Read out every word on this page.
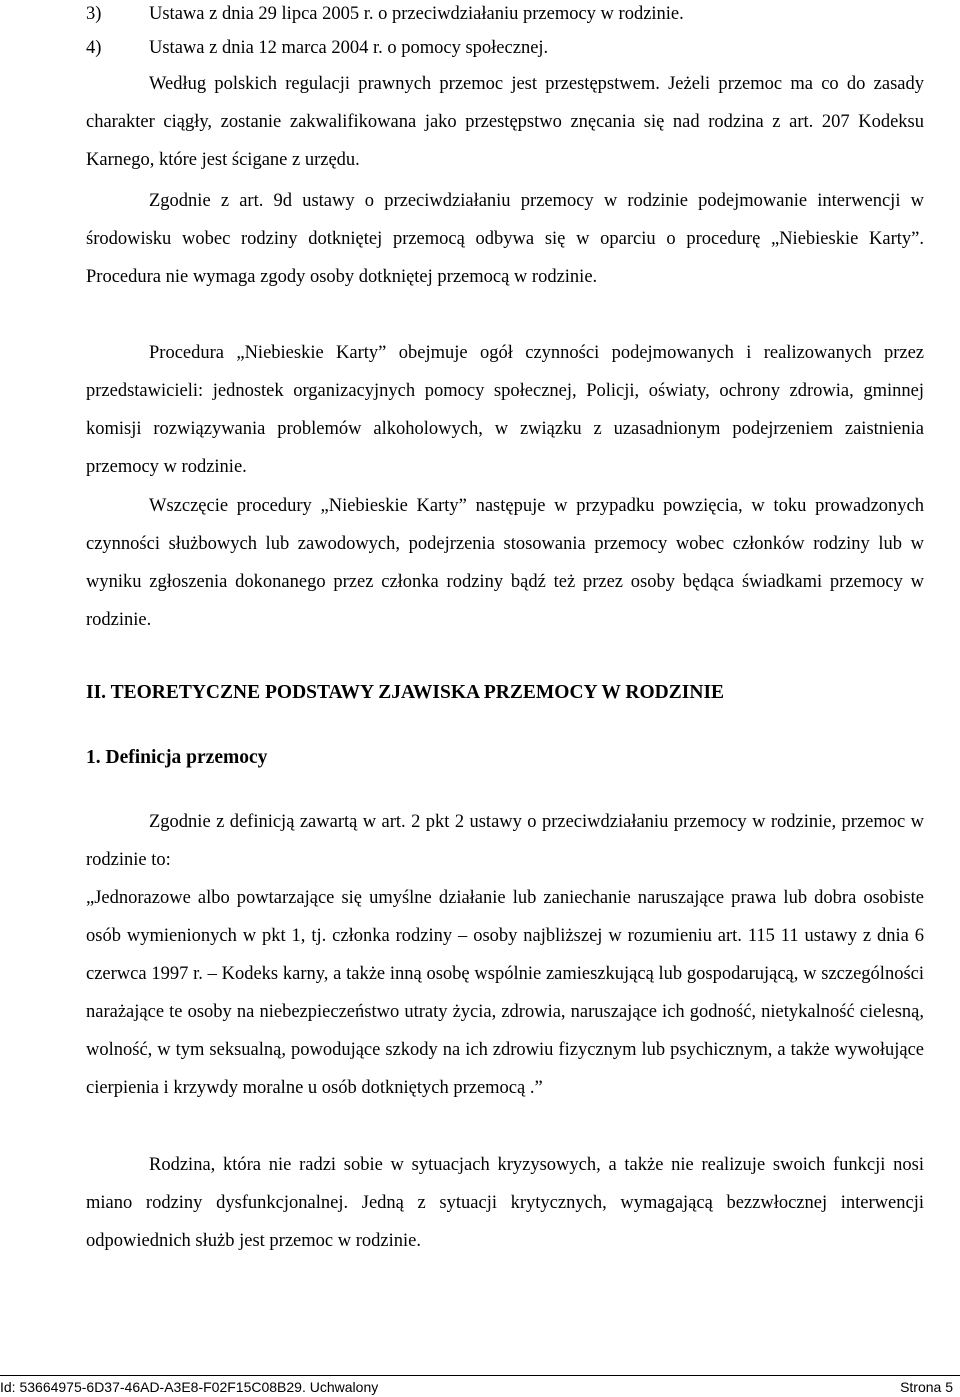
3)	Ustawa z dnia 29 lipca 2005 r. o przeciwdziałaniu przemocy w rodzinie.
4)	Ustawa z dnia 12 marca 2004 r. o pomocy społecznej.

Według polskich regulacji prawnych przemoc jest przestępstwem. Jeżeli przemoc ma co do zasady charakter ciągły, zostanie zakwalifikowana jako przestępstwo znęcania się nad rodzina z art. 207 Kodeksu Karnego, które jest ścigane z urzędu.

Zgodnie z art. 9d ustawy o przeciwdziałaniu przemocy w rodzinie podejmowanie interwencji w środowisku wobec rodziny dotkniętej przemocą odbywa się w oparciu o procedurę „Niebieskie Karty”. Procedura nie wymaga zgody osoby dotkniętej przemocą w rodzinie.

Procedura „Niebieskie Karty” obejmuje ogół czynności podejmowanych i realizowanych przez przedstawicieli: jednostek organizacyjnych pomocy społecznej, Policji, oświaty, ochrony zdrowia, gminnej komisji rozwiązywania problemów alkoholowych, w związku z uzasadnionym podejrzeniem zaistnienia przemocy w rodzinie.

Wszczęcie procedury „Niebieskie Karty” następuje w przypadku powzięcia, w toku prowadzonych czynności służbowych lub zawodowych, podejrzenia stosowania przemocy wobec członków rodziny lub w wyniku zgłoszenia dokonanego przez członka rodziny bądź też przez osoby będąca świadkami przemocy w rodzinie.

II. TEORETYCZNE PODSTAWY ZJAWISKA PRZEMOCY W RODZINIE
1. Definicja przemocy

Zgodnie z definicją zawartą w art. 2 pkt 2 ustawy o przeciwdziałaniu przemocy w rodzinie, przemoc w rodzinie to:

„Jednorazowe albo powtarzające się umyślne działanie lub zaniechanie naruszające prawa lub dobra osobiste osób wymienionych w pkt 1, tj. członka rodziny – osoby najbliższej w rozumieniu art. 115 11 ustawy z dnia 6 czerwca 1997 r. – Kodeks karny, a także inną osobę wspólnie zamieszkującą lub gospodarującą, w szczególności narażające te osoby na niebezpieczeństwo utraty życia, zdrowia, naruszające ich godność, nietykalność cielesną, wolność, w tym seksualną, powodujące szkody na ich zdrowiu fizycznym lub psychicznym, a także wywołujące cierpienia i krzywdy moralne u osób dotkniętych przemocą .”

Rodzina, która nie radzi sobie w sytuacjach kryzysowych, a także nie realizuje swoich funkcji nosi miano rodziny dysfunkcjonalnej. Jedną z sytuacji krytycznych, wymagającą bezzwłocznej interwencji odpowiednich służb jest przemoc w rodzinie.

Id: 53664975-6D37-46AD-A3E8-F02F15C08B29. Uchwalony	Strona 5
